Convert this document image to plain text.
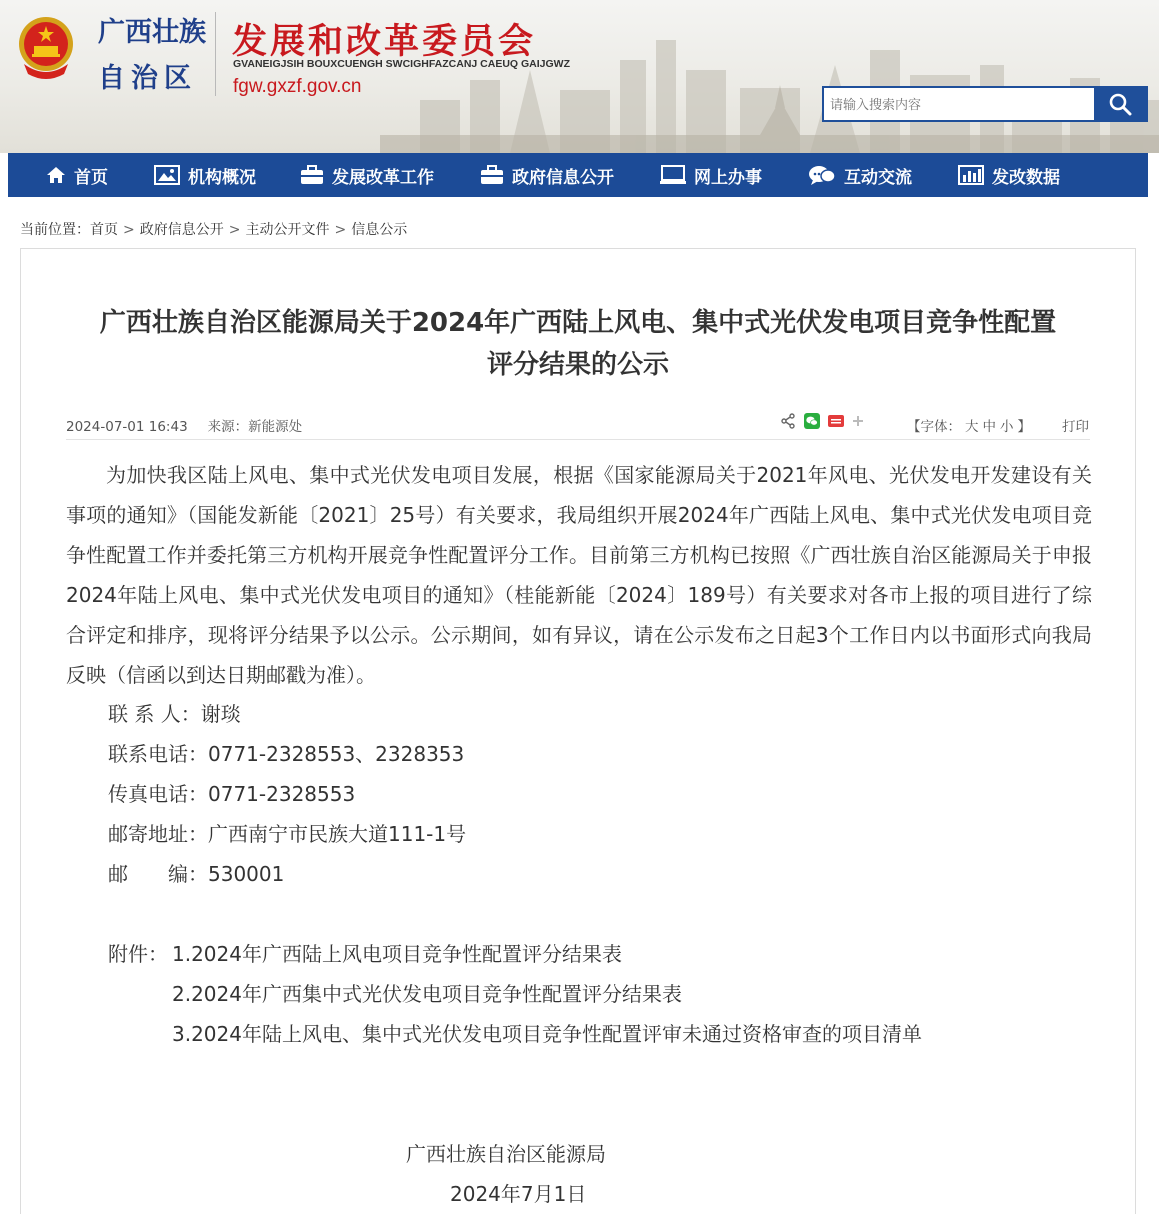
广西壮族
自治区
发展和改革委员会
GVANEIGJSIH BOUXCUENGH SWCIGHFAZCANJ CAEUQ GAIJGWZ
fgw.gxzf.gov.cn
请输入搜索内容
首页	机构概况	发展改革工作	政府信息公开	网上办事	互动交流	发改数据
当前位置：首页 > 政府信息公开 > 主动公开文件 > 信息公示
广西壮族自治区能源局关于2024年广西陆上风电、集中式光伏发电项目竞争性配置
评分结果的公示
2024-07-01 16:43 来源：新能源处	【字体： 大 中 小 】 打印

为加快我区陆上风电、集中式光伏发电项目发展，根据《国家能源局关于2021年风电、光伏发电开发建设有关事项的通知》（国能发新能〔2021〕25号）有关要求，我局组织开展2024年广西陆上风电、集中式光伏发电项目竞争性配置工作并委托第三方机构开展竞争性配置评分工作。目前第三方机构已按照《广西壮族自治区能源局关于申报2024年陆上风电、集中式光伏发电项目的通知》（桂能新能〔2024〕189号）有关要求对各市上报的项目进行了综合评定和排序，现将评分结果予以公示。公示期间，如有异议，请在公示发布之日起3个工作日内以书面形式向我局反映（信函以到达日期邮戳为准）。

联 系 人：谢琰
联系电话：0771-2328553、2328353
传真电话：0771-2328553
邮寄地址：广西南宁市民族大道111-1号
邮　　编：530001
附件： 1.2024年广西陆上风电项目竞争性配置评分结果表
2.2024年广西集中式光伏发电项目竞争性配置评分结果表
3.2024年陆上风电、集中式光伏发电项目竞争性配置评审未通过资格审查的项目清单
广西壮族自治区能源局
2024年7月1日
